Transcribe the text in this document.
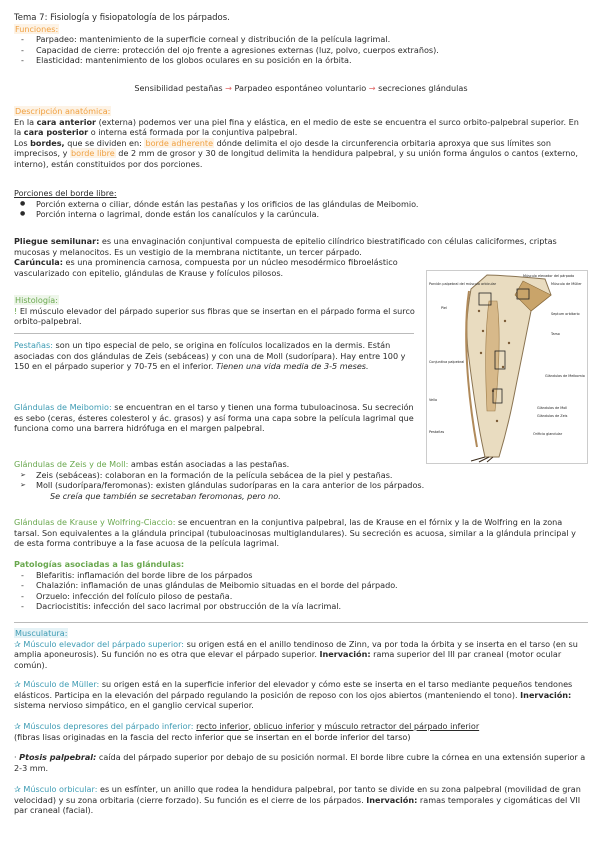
Tema 7: Fisiología y fisiopatología de los párpados.

Funciones:

- Parpadeo: mantenimiento de la superficie corneal y distribución de la película lagrimal.
- Capacidad de cierre: protección del ojo frente a agresiones externas (luz, polvo, cuerpos extraños).
- Elasticidad: mantenimiento de los globos oculares en su posición en la órbita.
Sensibilidad pestañas → Parpadeo espontáneo voluntario → secreciones glándulas

Descripción anatómica:

En la cara anterior (externa) podemos ver una piel fina y elástica, en el medio de este se encuentra el surco orbito-palpebral superior. En la cara posterior o interna está formada por la conjuntiva palpebral.

Los bordes, que se dividen en: borde adherente dónde delimita el ojo desde la circunferencia orbitaria aproxya que sus límites son imprecisos, y borde libre de 2 mm de grosor y 30 de longitud delimita la hendidura palpebral, y su unión forma ángulos o cantos (externo, interno), están constituidos por dos porciones.

Porciones del borde libre:

● Porción externa o ciliar, dónde están las pestañas y los orificios de las glándulas de Meibomio.
● Porción interna o lagrimal, donde están los canalículos y la carúncula.

Pliegue semilunar: es una envaginación conjuntival compuesta de epitelio cilíndrico biestratificado con células caliciformes, criptas mucosas y melanocitos. Es un vestigio de la membrana nictitante, un tercer párpado.

Carúncula: es una prominencia carnosa, compuesta por un núcleo mesodérmico fibroelástico vascularizado con epitelio, glándulas de Krause y folículos pilosos.

Histología:

! El músculo elevador del párpado superior sus fibras que se insertan en el párpado forma el surco orbito-palpebral.

Pestañas: son un tipo especial de pelo, se origina en folículos localizados en la dermis. Están asociadas con dos glándulas de Zeis (sebáceas) y con una de Moll (sudorípara). Hay entre 100 y 150 en el párpado superior y 70-75 en el inferior. Tienen una vida media de 3-5 meses.

Glándulas de Meibomio: se encuentran en el tarso y tienen una forma tubuloacinosa. Su secreción es sebo (ceras, ésteres colesterol y ác. grasos) y así forma una capa sobre la película lagrimal que funciona como una barrera hidrófuga en el margen palpebral.

Glándulas de Zeis y de Moll: ambas están asociadas a las pestañas.

➢ Zeis (sebáceas): colaboran en la formación de la película sebácea de la piel y pestañas.
➢ Moll (sudorípara/feromonas): existen glándulas sudoríparas en la cara anterior de los párpados.

Se creía que también se secretaban feromonas, pero no.

Glándulas de Krause y Wolfring-Ciaccio: se encuentran en la conjuntiva palpebral, las de Krause en el fórnix y la de Wolfring en la zona tarsal. Son equivalentes a la glándula principal (tubuloacinosas multiglandulares). Su secreción es acuosa, similar a la glándula principal y de esta forma contribuye a la fase acuosa de la película lagrimal.

Patologías asociadas a las glándulas:

- Blefaritis: inflamación del borde libre de los párpados
- Chalazión: inflamación de unas glándulas de Meibomio situadas en el borde del párpado.
- Orzuelo: infección del folículo piloso de pestaña.
- Dacriocistitis: infección del saco lacrimal por obstrucción de la vía lacrimal.

Musculatura:

✰ Músculo elevador del párpado superior: su origen está en el anillo tendinoso de Zinn, va por toda la órbita y se inserta en el tarso (en su amplia aponeurosis). Su función no es otra que elevar el párpado superior. Inervación: rama superior del III par craneal (motor ocular común).

✰ Músculo de Müller: su origen está en la superficie inferior del elevador y cómo este se inserta en el tarso mediante pequeños tendones elásticos. Participa en la elevación del párpado regulando la posición de reposo con los ojos abiertos (manteniendo el tono). Inervación: sistema nervioso simpático, en el ganglio cervical superior.

✰ Músculos depresores del párpado inferior: recto inferior, oblicuo inferior y músculo retractor del párpado inferior

(fibras lisas originadas en la fascia del recto inferior que se insertan en el borde inferior del tarso)

· Ptosis palpebral: caída del párpado superior por debajo de su posición normal. El borde libre cubre la córnea en una extensión superior a 2-3 mm.

✰ Músculo orbicular: es un esfínter, un anillo que rodea la hendidura palpebral, por tanto se divide en su zona palpebral (movilidad de gran velocidad) y su zona orbitaria (cierre forzado). Su función es el cierre de los párpados. Inervación: ramas temporales y cigomáticas del VII par craneal (facial).

Músculo elevador del párpado
Músculo de Müller
Porción palpebral del músculo orbicular
Piel
Septum orbitario
Tarso
Conjuntiva palpebral
Glándulas de Meibomio
Vello
Glándulas de Moll
Glándulas de Zeis
Pestañas	Orificio glandular
